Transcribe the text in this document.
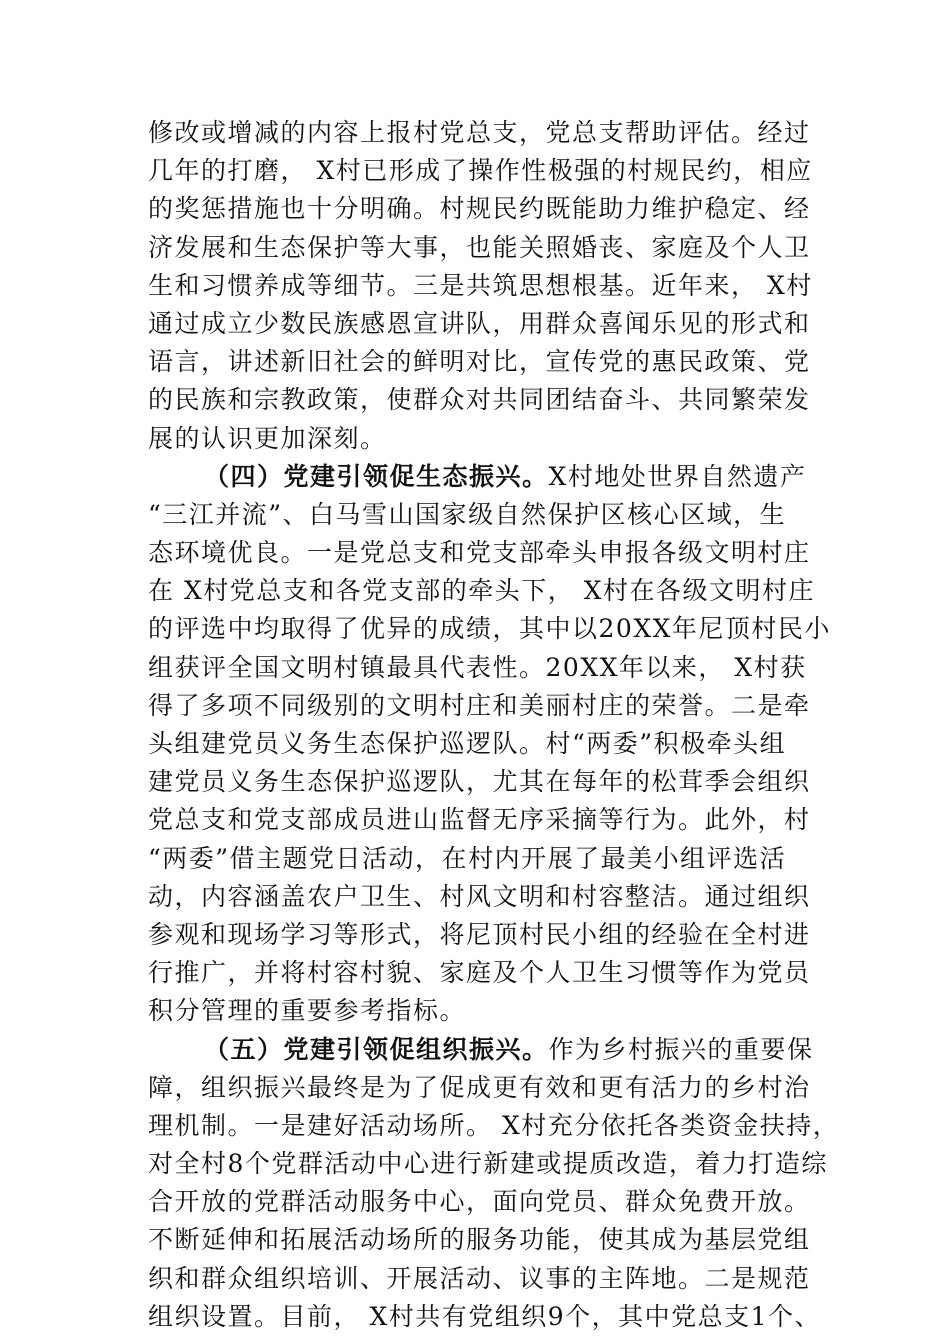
修改或增减的内容上报村党总支，党总支帮助评估。经过
几年的打磨， X村已形成了操作性极强的村规民约，相应
的奖惩措施也十分明确。村规民约既能助力维护稳定、经
济发展和生态保护等大事，也能关照婚丧、家庭及个人卫
生和习惯养成等细节。三是共筑思想根基。近年来， X村
通过成立少数民族感恩宣讲队，用群众喜闻乐见的形式和
语言，讲述新旧社会的鲜明对比，宣传党的惠民政策、党
的民族和宗教政策，使群众对共同团结奋斗、共同繁荣发
展的认识更加深刻。
（四）党建引领促生态振兴。X村地处世界自然遗产
“三江并流”、白马雪山国家级自然保护区核心区域，生
态环境优良。一是党总支和党支部牵头申报各级文明村庄
在 X村党总支和各党支部的牵头下， X村在各级文明村庄
的评选中均取得了优异的成绩，其中以20XX年尼顶村民小
组获评全国文明村镇最具代表性。20XX年以来， X村获
得了多项不同级别的文明村庄和美丽村庄的荣誉。二是牵
头组建党员义务生态保护巡逻队。村“两委”积极牵头组
建党员义务生态保护巡逻队，尤其在每年的松茸季会组织
党总支和党支部成员进山监督无序采摘等行为。此外，村
“两委”借主题党日活动，在村内开展了最美小组评选活
动，内容涵盖农户卫生、村风文明和村容整洁。通过组织
参观和现场学习等形式，将尼顶村民小组的经验在全村进
行推广，并将村容村貌、家庭及个人卫生习惯等作为党员
积分管理的重要参考指标。
（五）党建引领促组织振兴。作为乡村振兴的重要保
障，组织振兴最终是为了促成更有效和更有活力的乡村治
理机制。一是建好活动场所。 X村充分依托各类资金扶持，
对全村8个党群活动中心进行新建或提质改造，着力打造综
合开放的党群活动服务中心，面向党员、群众免费开放。
不断延伸和拓展活动场所的服务功能，使其成为基层党组
织和群众组织培训、开展活动、议事的主阵地。二是规范
组织设置。目前， X村共有党组织9个，其中党总支1个、
